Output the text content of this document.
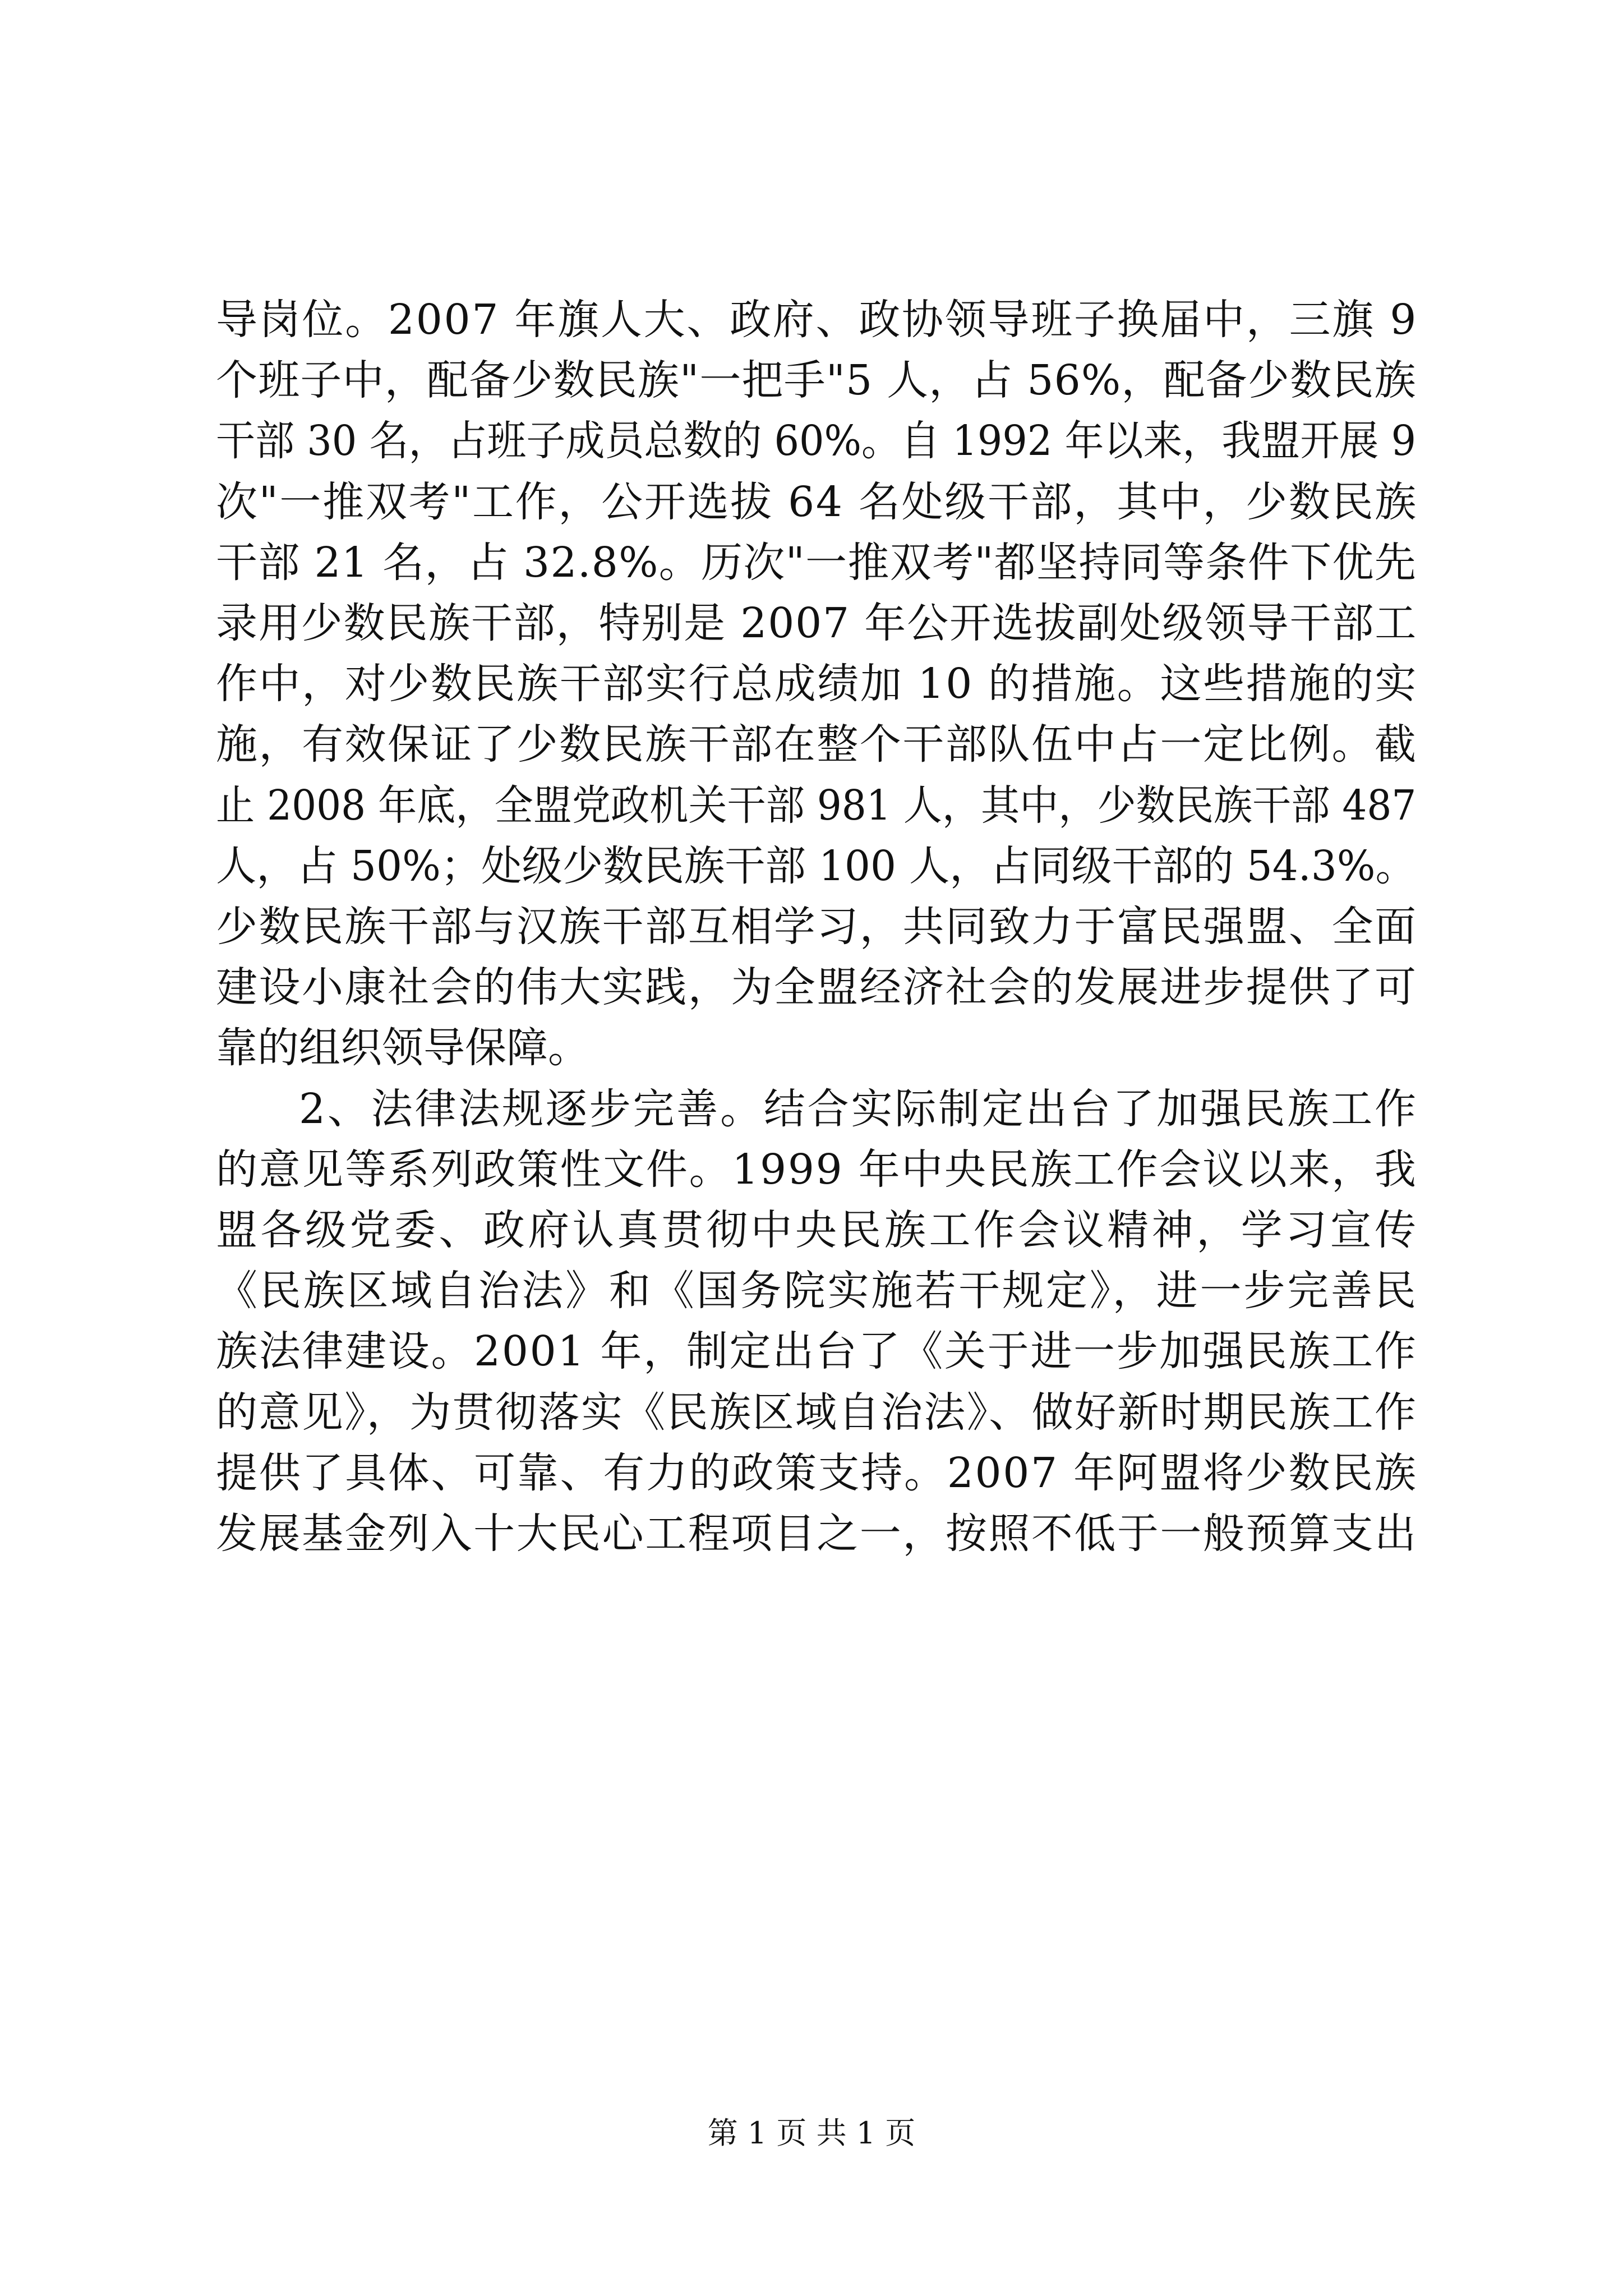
导岗位。2007 年旗人大、政府、政协领导班子换届中，三旗 9
个班子中，配备少数民族"一把手"5 人，占 56%，配备少数民族
干部 30 名，占班子成员总数的 60%。自 1992 年以来，我盟开展 9
次"一推双考"工作，公开选拔 64 名处级干部，其中，少数民族
干部 21 名，占 32.8%。历次"一推双考"都坚持同等条件下优先
录用少数民族干部，特别是 2007 年公开选拔副处级领导干部工
作中，对少数民族干部实行总成绩加 10 的措施。这些措施的实
施，有效保证了少数民族干部在整个干部队伍中占一定比例。截
止 2008 年底，全盟党政机关干部 981 人，其中，少数民族干部 487
人，占 50%；处级少数民族干部 100 人，占同级干部的 54.3%。
少数民族干部与汉族干部互相学习，共同致力于富民强盟、全面
建设小康社会的伟大实践，为全盟经济社会的发展进步提供了可
靠的组织领导保障。
2、法律法规逐步完善。结合实际制定出台了加强民族工作
的意见等系列政策性文件。1999 年中央民族工作会议以来，我
盟各级党委、政府认真贯彻中央民族工作会议精神，学习宣传
《民族区域自治法》和《国务院实施若干规定》，进一步完善民
族法律建设。2001 年，制定出台了《关于进一步加强民族工作
的意见》，为贯彻落实《民族区域自治法》、做好新时期民族工作
提供了具体、可靠、有力的政策支持。2007 年阿盟将少数民族
发展基金列入十大民心工程项目之一，按照不低于一般预算支出
第 1 页 共 1 页
